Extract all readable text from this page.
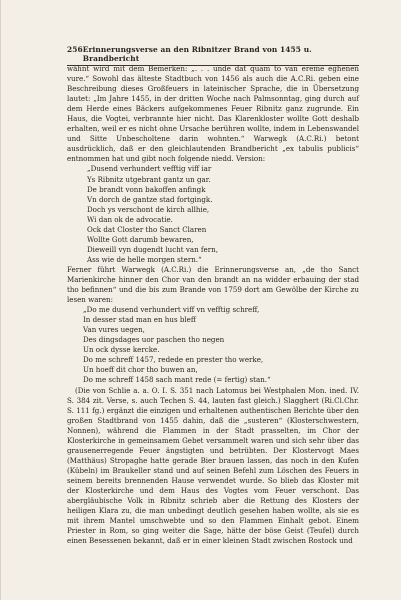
256 Erinnerungsverse an den Ribnitzer Brand von 1455 u. Brandbericht

wähnt wird mit dem Bemerken: „. . . unde dat quam to van ereme eghenen vure.“ Sowohl das älteste Stadtbuch von 1456 als auch die A.C.Ri. geben eine Beschreibung dieses Großfeuers in lateinischer Sprache, die in Übersetzung lautet: „Im Jahre 1455, in der dritten Woche nach Palmsonntag, ging durch auf dem Herde eines Bäckers aufgekommenes Feuer Ribnitz ganz zugrunde. Ein Haus, die Vogtei, verbrannte hier nicht. Das Klarenkloster wollte Gott deshalb erhalten, weil er es nicht ohne Ursache berühren wollte, indem in Lebenswandel und Sitte Unbescholtene darin wohnten.“ Warwegk (A.C.Ri.) betont ausdrücklich, daß er den gleichlautenden Brandbericht „ex tabulis publicis“ entnommen hat und gibt noch folgende niedd. Version:

„Dusend verhundert vefftig viff iar
Ys Ribnitz utgebrant gantz un gar.
De brandt vonn bakoffen anfingk
Vn dorch de gantze stad fortgingk.
Doch ys verschont de kirch allhie,
Wi dan ok de advocatie.
Ock dat Closter tho Sanct Claren
Wollte Gott darumb bewaren,
Dieweill vyn dugendt lucht van fern,
Ass wie de helle morgen stern.“

Ferner führt Warwegk (A.C.Ri.) die Erinnerungsverse an, „de tho Sanct Marienkirche hinner den Chor van den brandt an na widder erbauing der stad tho befinnen“ und die bis zum Brande von 1759 dort am Gewölbe der Kirche zu lesen waren:

„Do me dusend verhundert viff vn vefftig schreff,
In desser stad man en hus bleff
Van vures uegen,
Des dingsdages uor paschen tho negen
Un ock dysse kercke.
Do me schreff 1457, redede en prester tho werke,
Un hoeff dit chor tho buwen an,
Do me schreff 1458 sach mant rede (= fertig) stan.“

(Die von Schlie a. a. O. I. S. 351 nach Latomus bei Westphalen Mon. ined. IV. S. 384 zit. Verse, s. auch Techen S. 44, lauten fast gleich.) Slagghert (Ri.Cl.Chr. S. 111 fg.) ergänzt die einzigen und erhaltenen authentischen Berichte über den großen Stadtbrand von 1455 dahin, daß die „susteren“ (Klosterschwestern, Nonnen), während die Flammen in der Stadt prasselten, im Chor der Klosterkirche in gemeinsamem Gebet versammelt waren und sich sehr über das grausenerregende Feuer ängstigten und betrübten. Der Klostervogt Maes (Matthäus) Stropaghe hatte gerade Bier brauen lassen, das noch in den Kufen (Kübeln) im Braukeller stand und auf seinen Befehl zum Löschen des Feuers in seinem bereits brennenden Hause verwendet wurde. So blieb das Kloster mit der Klosterkirche und dem Haus des Vogtes vom Feuer verschont. Das abergläubische Volk in Ribnitz schrieb aber die Rettung des Klosters der heiligen Klara zu, die man unbedingt deutlich gesehen haben wollte, als sie es mit ihrem Mantel umschwebte und so den Flammen Einhalt gebot. Einem Priester in Rom, so ging weiter die Sage, hätte der böse Geist (Teufel) durch einen Besessenen bekannt, daß er in einer kleinen Stadt zwischen Rostock und
